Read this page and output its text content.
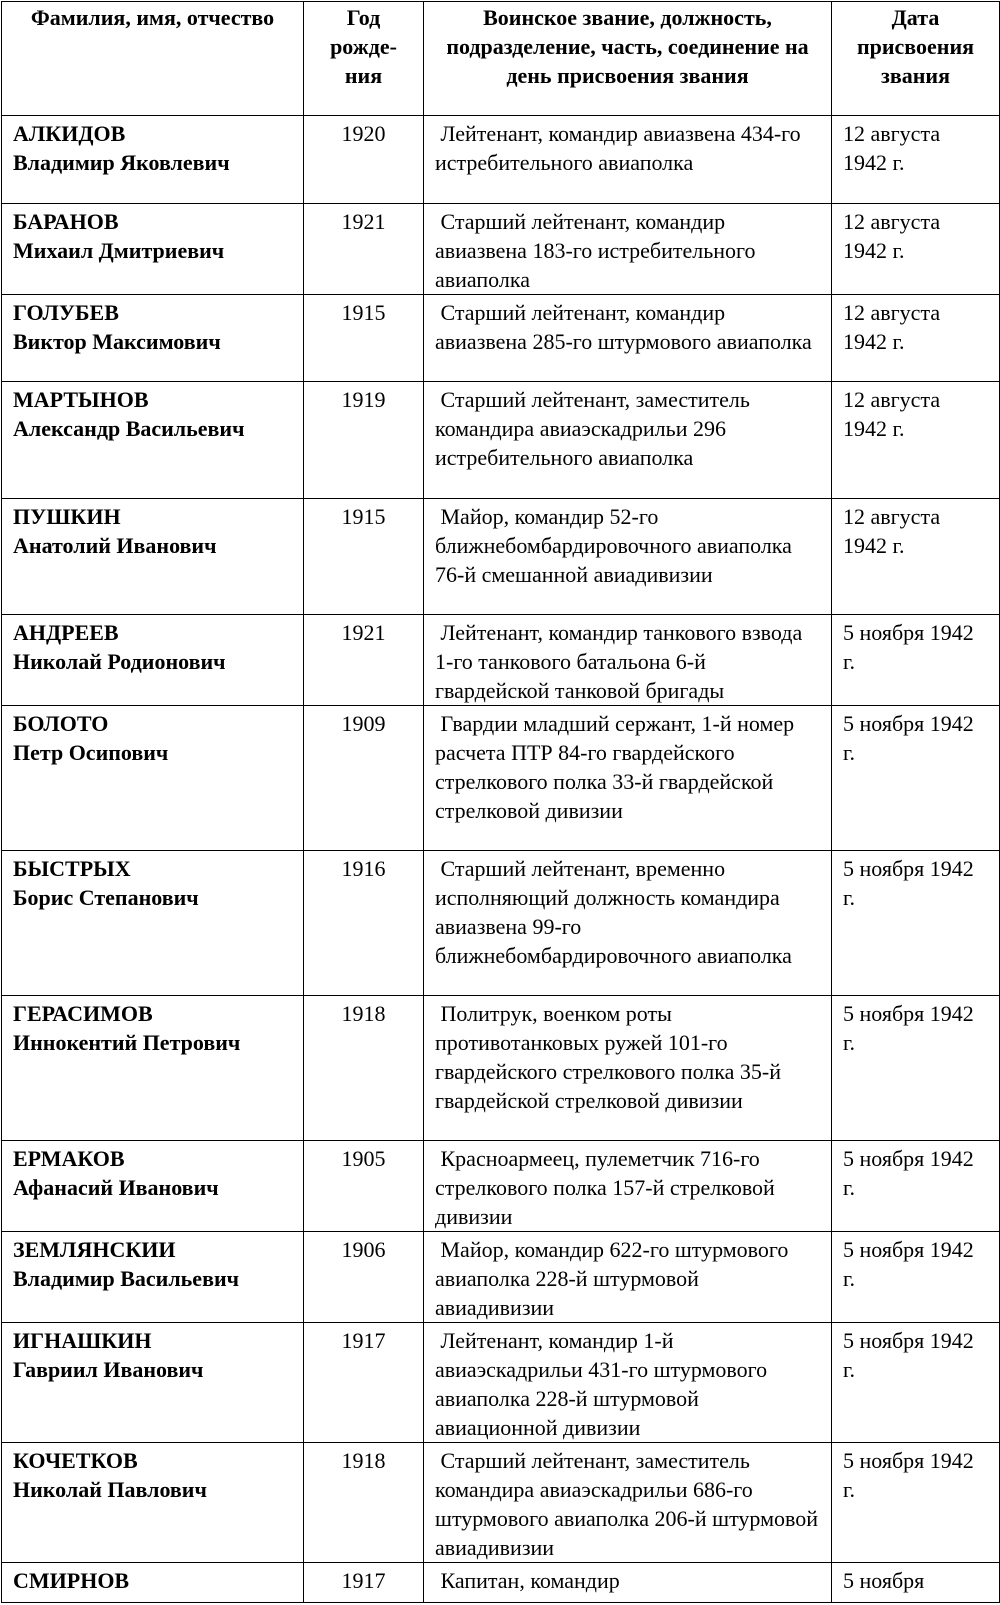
Фамилия, имя, отчество	Год рожде-ния	Воинское звание, должность, подразделение, часть, соединение на день присвоения звания	Дата присвоения звания

АЛКИДОВ
Владимир Яковлевич	1920	Лейтенант, командир авиазвена 434-го истребительного авиаполка	12 августа 1942 г.

БАРАНОВ
Михаил Дмитриевич	1921	Старший лейтенант, командир авиазвена 183-го истребительного авиаполка	12 августа 1942 г.

ГОЛУБЕВ
Виктор Максимович	1915	Старший лейтенант, командир авиазвена 285-го штурмового авиаполка	12 августа 1942 г.

МАРТЫНОВ
Александр Васильевич	1919	Старший лейтенант, заместитель командира авиаэскадрильи 296 истребительного авиаполка	12 августа 1942 г.

ПУШКИН
Анатолий Иванович	1915	Майор, командир 52-го ближнебомбардировочного авиаполка 76-й смешанной авиадивизии	12 августа 1942 г.

АНДРЕЕВ
Николай Родионович	1921	Лейтенант, командир танкового взвода 1-го танкового батальона 6-й гвардейской танковой бригады	5 ноября 1942 г.

БОЛОТО
Петр Осипович	1909	Гвардии младший сержант, 1-й номер расчета ПТР 84-го гвардейского стрелкового полка 33-й гвардейской стрелковой дивизии	5 ноября 1942 г.

БЫСТРЫХ
Борис Степанович	1916	Старший лейтенант, временно исполняющий должность командира авиазвена 99-го ближнебомбардировочного авиаполка	5 ноября 1942 г.

ГЕРАСИМОВ
Иннокентий Петрович	1918	Политрук, военком роты противотанковых ружей 101-го гвардейского стрелкового полка 35-й гвардейской стрелковой дивизии	5 ноября 1942 г.

ЕРМАКОВ
Афанасий Иванович	1905	Красноармеец, пулеметчик 716-го стрелкового полка 157-й стрелковой дивизии	5 ноября 1942 г.

ЗЕМЛЯНСКИИ
Владимир Васильевич	1906	Майор, командир 622-го штурмового авиаполка 228-й штурмовой авиадивизии	5 ноября 1942 г.

ИГНАШКИН
Гавриил Иванович	1917	Лейтенант, командир 1-й авиаэскадрильи 431-го штурмового авиаполка 228-й штурмовой авиационной дивизии	5 ноября 1942 г.

КОЧЕТКОВ
Николай Павлович	1918	Старший лейтенант, заместитель командира авиаэскадрильи 686-го штурмового авиаполка 206-й штурмовой авиадивизии	5 ноября 1942 г.

СМИРНОВ	1917	Капитан, командир	5 ноября
